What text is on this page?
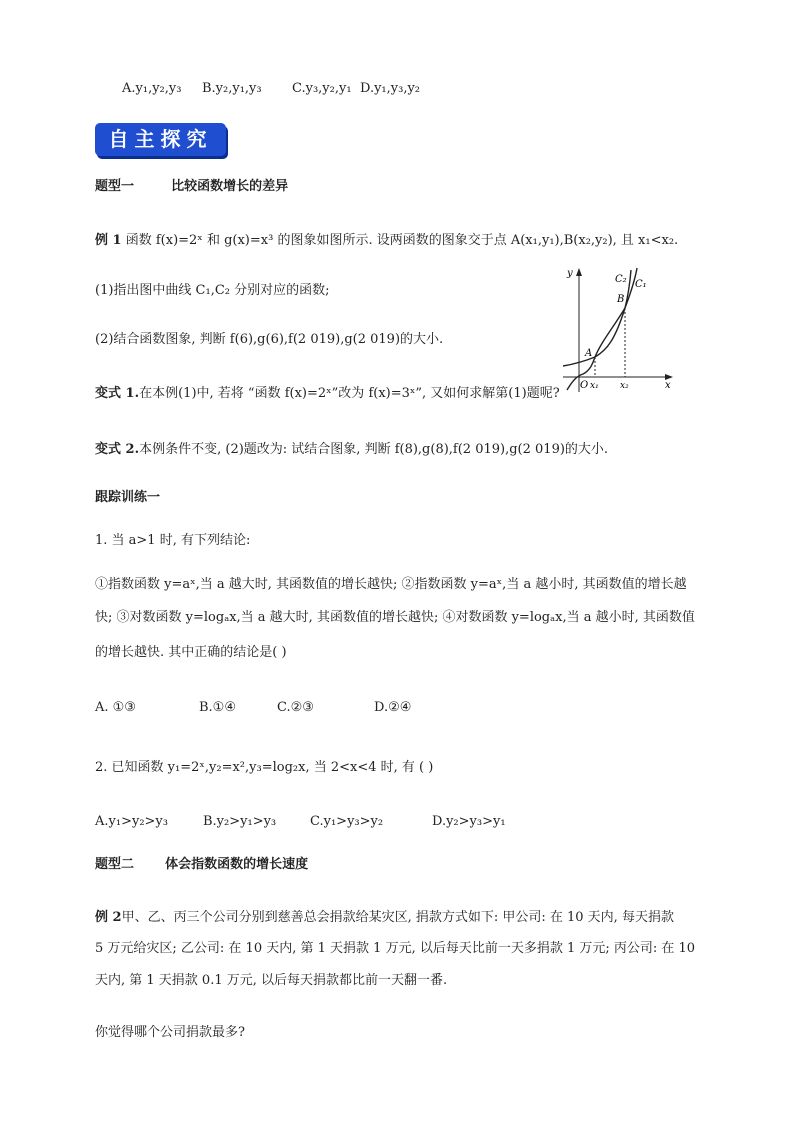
A.y₁,y₂,y₃ B.y₂,y₁,y₃ C.y₃,y₂,y₁ D.y₁,y₃,y₂
自主探究
题型一	比较函数增长的差异
例 1 函数 f(x)=2ˣ 和 g(x)=x³ 的图象如图所示. 设两函数的图象交于点 A(x₁,y₁),B(x₂,y₂), 且 x₁<x₂.
(1)指出图中曲线 C₁,C₂ 分别对应的函数;
(2)结合函数图象, 判断 f(6),g(6),f(2 019),g(2 019)的大小.
y
x
O
A
B
C₂ C₁
x₁ x₂
变式 1.在本例(1)中, 若将 “函数 f(x)=2ˣ”改为 f(x)=3ˣ”, 又如何求解第(1)题呢?
变式 2.本例条件不变, (2)题改为: 试结合图象, 判断 f(8),g(8),f(2 019),g(2 019)的大小.
跟踪训练一
1. 当 a>1 时, 有下列结论:
①指数函数 y=aˣ,当 a 越大时, 其函数值的增长越快; ②指数函数 y=aˣ,当 a 越小时, 其函数值的增长越
快; ③对数函数 y=logₐx,当 a 越大时, 其函数值的增长越快; ④对数函数 y=logₐx,当 a 越小时, 其函数值
的增长越快. 其中正确的结论是( )
A. ①③	B.①④	C.②③	D.②④
2. 已知函数 y₁=2ˣ,y₂=x²,y₃=log₂x, 当 2<x<4 时, 有 ( )
A.y₁>y₂>y₃	B.y₂>y₁>y₃	C.y₁>y₃>y₂	D.y₂>y₃>y₁
题型二 体会指数函数的增长速度
例 2甲、乙、丙三个公司分别到慈善总会捐款给某灾区, 捐款方式如下: 甲公司: 在 10 天内, 每天捐款
5 万元给灾区; 乙公司: 在 10 天内, 第 1 天捐款 1 万元, 以后每天比前一天多捐款 1 万元; 丙公司: 在 10
天内, 第 1 天捐款 0.1 万元, 以后每天捐款都比前一天翻一番.
你觉得哪个公司捐款最多?
